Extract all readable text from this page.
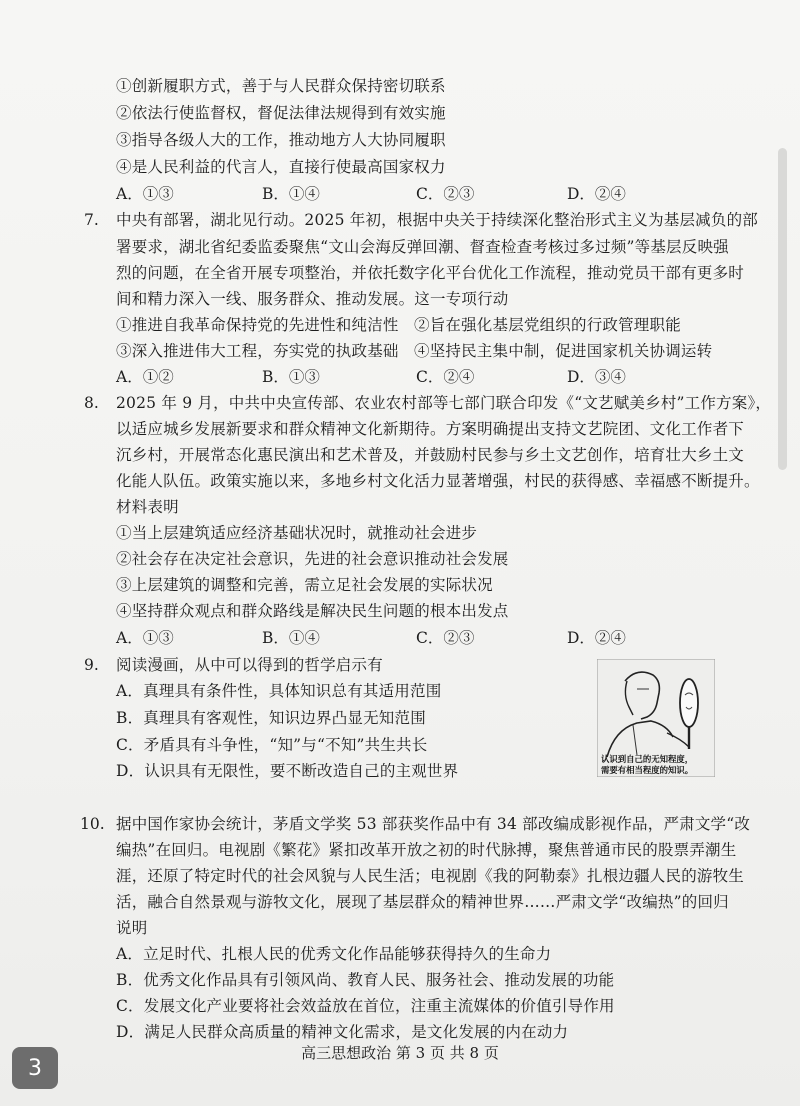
①创新履职方式，善于与人民群众保持密切联系
②依法行使监督权，督促法律法规得到有效实施
③指导各级人大的工作，推动地方人大协同履职
④是人民利益的代言人，直接行使最高国家权力
A．①③	B．①④	C．②③	D．②④
7. 中央有部署，湖北见行动。2025 年初，根据中央关于持续深化整治形式主义为基层减负的部
署要求，湖北省纪委监委聚焦“文山会海反弹回潮、督查检查考核过多过频”等基层反映强
烈的问题，在全省开展专项整治，并依托数字化平台优化工作流程，推动党员干部有更多时
间和精力深入一线、服务群众、推动发展。这一专项行动
①推进自我革命保持党的先进性和纯洁性 ②旨在强化基层党组织的行政管理职能
③深入推进伟大工程，夯实党的执政基础 ④坚持民主集中制，促进国家机关协调运转
A．①②	B．①③	C．②④	D．③④
8. 2025 年 9 月，中共中央宣传部、农业农村部等七部门联合印发《“文艺赋美乡村”工作方案》，
以适应城乡发展新要求和群众精神文化新期待。方案明确提出支持文艺院团、文化工作者下
沉乡村，开展常态化惠民演出和艺术普及，并鼓励村民参与乡土文艺创作，培育壮大乡土文
化能人队伍。政策实施以来，多地乡村文化活力显著增强，村民的获得感、幸福感不断提升。
材料表明
①当上层建筑适应经济基础状况时，就推动社会进步
②社会存在决定社会意识，先进的社会意识推动社会发展
③上层建筑的调整和完善，需立足社会发展的实际状况
④坚持群众观点和群众路线是解决民生问题的根本出发点
A．①③	B．①④	C．②③	D．②④
9. 阅读漫画，从中可以得到的哲学启示有
A．真理具有条件性，具体知识总有其适用范围
B．真理具有客观性，知识边界凸显无知范围
C．矛盾具有斗争性，“知”与“不知”共生共长
D．认识具有无限性，要不断改造自己的主观世界
认识到自己的无知程度，
需要有相当程度的知识。
10. 据中国作家协会统计，茅盾文学奖 53 部获奖作品中有 34 部改编成影视作品，严肃文学“改
编热”在回归。电视剧《繁花》紧扣改革开放之初的时代脉搏，聚焦普通市民的股票弄潮生
涯，还原了特定时代的社会风貌与人民生活；电视剧《我的阿勒泰》扎根边疆人民的游牧生
活，融合自然景观与游牧文化，展现了基层群众的精神世界……严肃文学“改编热”的回归
说明
A．立足时代、扎根人民的优秀文化作品能够获得持久的生命力
B．优秀文化作品具有引领风尚、教育人民、服务社会、推动发展的功能
C．发展文化产业要将社会效益放在首位，注重主流媒体的价值引导作用
D．满足人民群众高质量的精神文化需求，是文化发展的内在动力
高三思想政治 第 3 页 共 8 页
3
